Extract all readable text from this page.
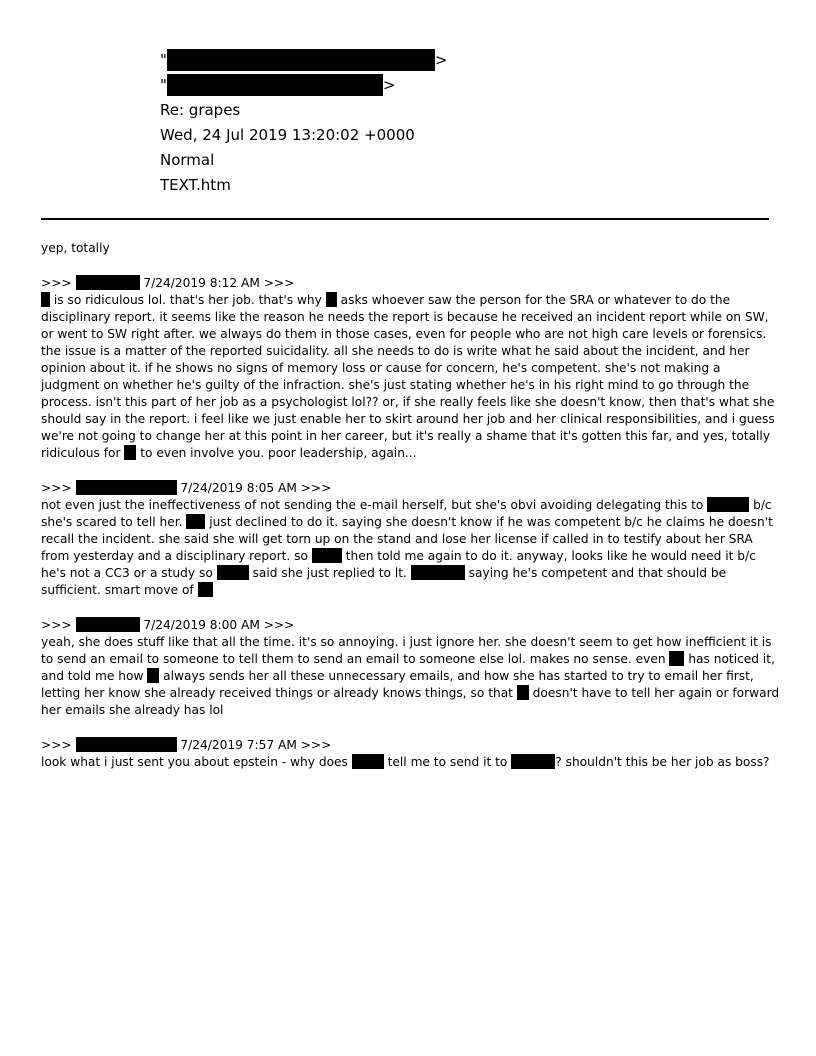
"	>
"	>
Re: grapes
Wed, 24 Jul 2019 13:20:02 +0000
Normal
TEXT.htm

yep, totally

>>>	7/24/2019 8:12 AM >>>
is so ridiculous lol. that's her job. that's why  asks whoever saw the person for the SRA or whatever to do the disciplinary report. it seems like the reason he needs the report is because he received an incident report while on SW, or went to SW right after. we always do them in those cases, even for people who are not high care levels or forensics. the issue is a matter of the reported suicidality. all she needs to do is write what he said about the incident, and her opinion about it. if he shows no signs of memory loss or cause for concern, he's competent. she's not making a judgment on whether he's guilty of the infraction. she's just stating whether he's in his right mind to go through the process. isn't this part of her job as a psychologist lol?? or, if she really feels like she doesn't know, then that's what she should say in the report. i feel like we just enable her to skirt around her job and her clinical responsibilities, and i guess we're not going to change her at this point in her career, but it's really a shame that it's gotten this far, and yes, totally ridiculous for  to even involve you. poor leadership, again...
>>>	7/24/2019 8:05 AM >>>
not even just the ineffectiveness of not sending the e-mail herself, but she's obvi avoiding delegating this to	b/c she's scared to tell her.  just declined to do it. saying she doesn't know if he was competent b/c he claims he doesn't recall the incident. she said she will get torn up on the stand and lose her license if called in to testify about her SRA from yesterday and a disciplinary report. so  then told me again to do it. anyway, looks like he would need it b/c he's not a CC3 or a study so	said she just replied to lt.	saying he's competent and that should be sufficient. smart move of
>>>	7/24/2019 8:00 AM >>>
yeah, she does stuff like that all the time. it's so annoying. i just ignore her. she doesn't seem to get how inefficient it is to send an email to someone to tell them to send an email to someone else lol. makes no sense. even  has noticed it, and told me how  always sends her all these unnecessary emails, and how she has started to try to email her first, letting her know she already received things or already knows things, so that  doesn't have to tell her again or forward her emails she already has lol
>>>	7/24/2019 7:57 AM >>>
look what i just sent you about epstein - why does	tell me to send it to	? shouldn't this be her job as boss?
